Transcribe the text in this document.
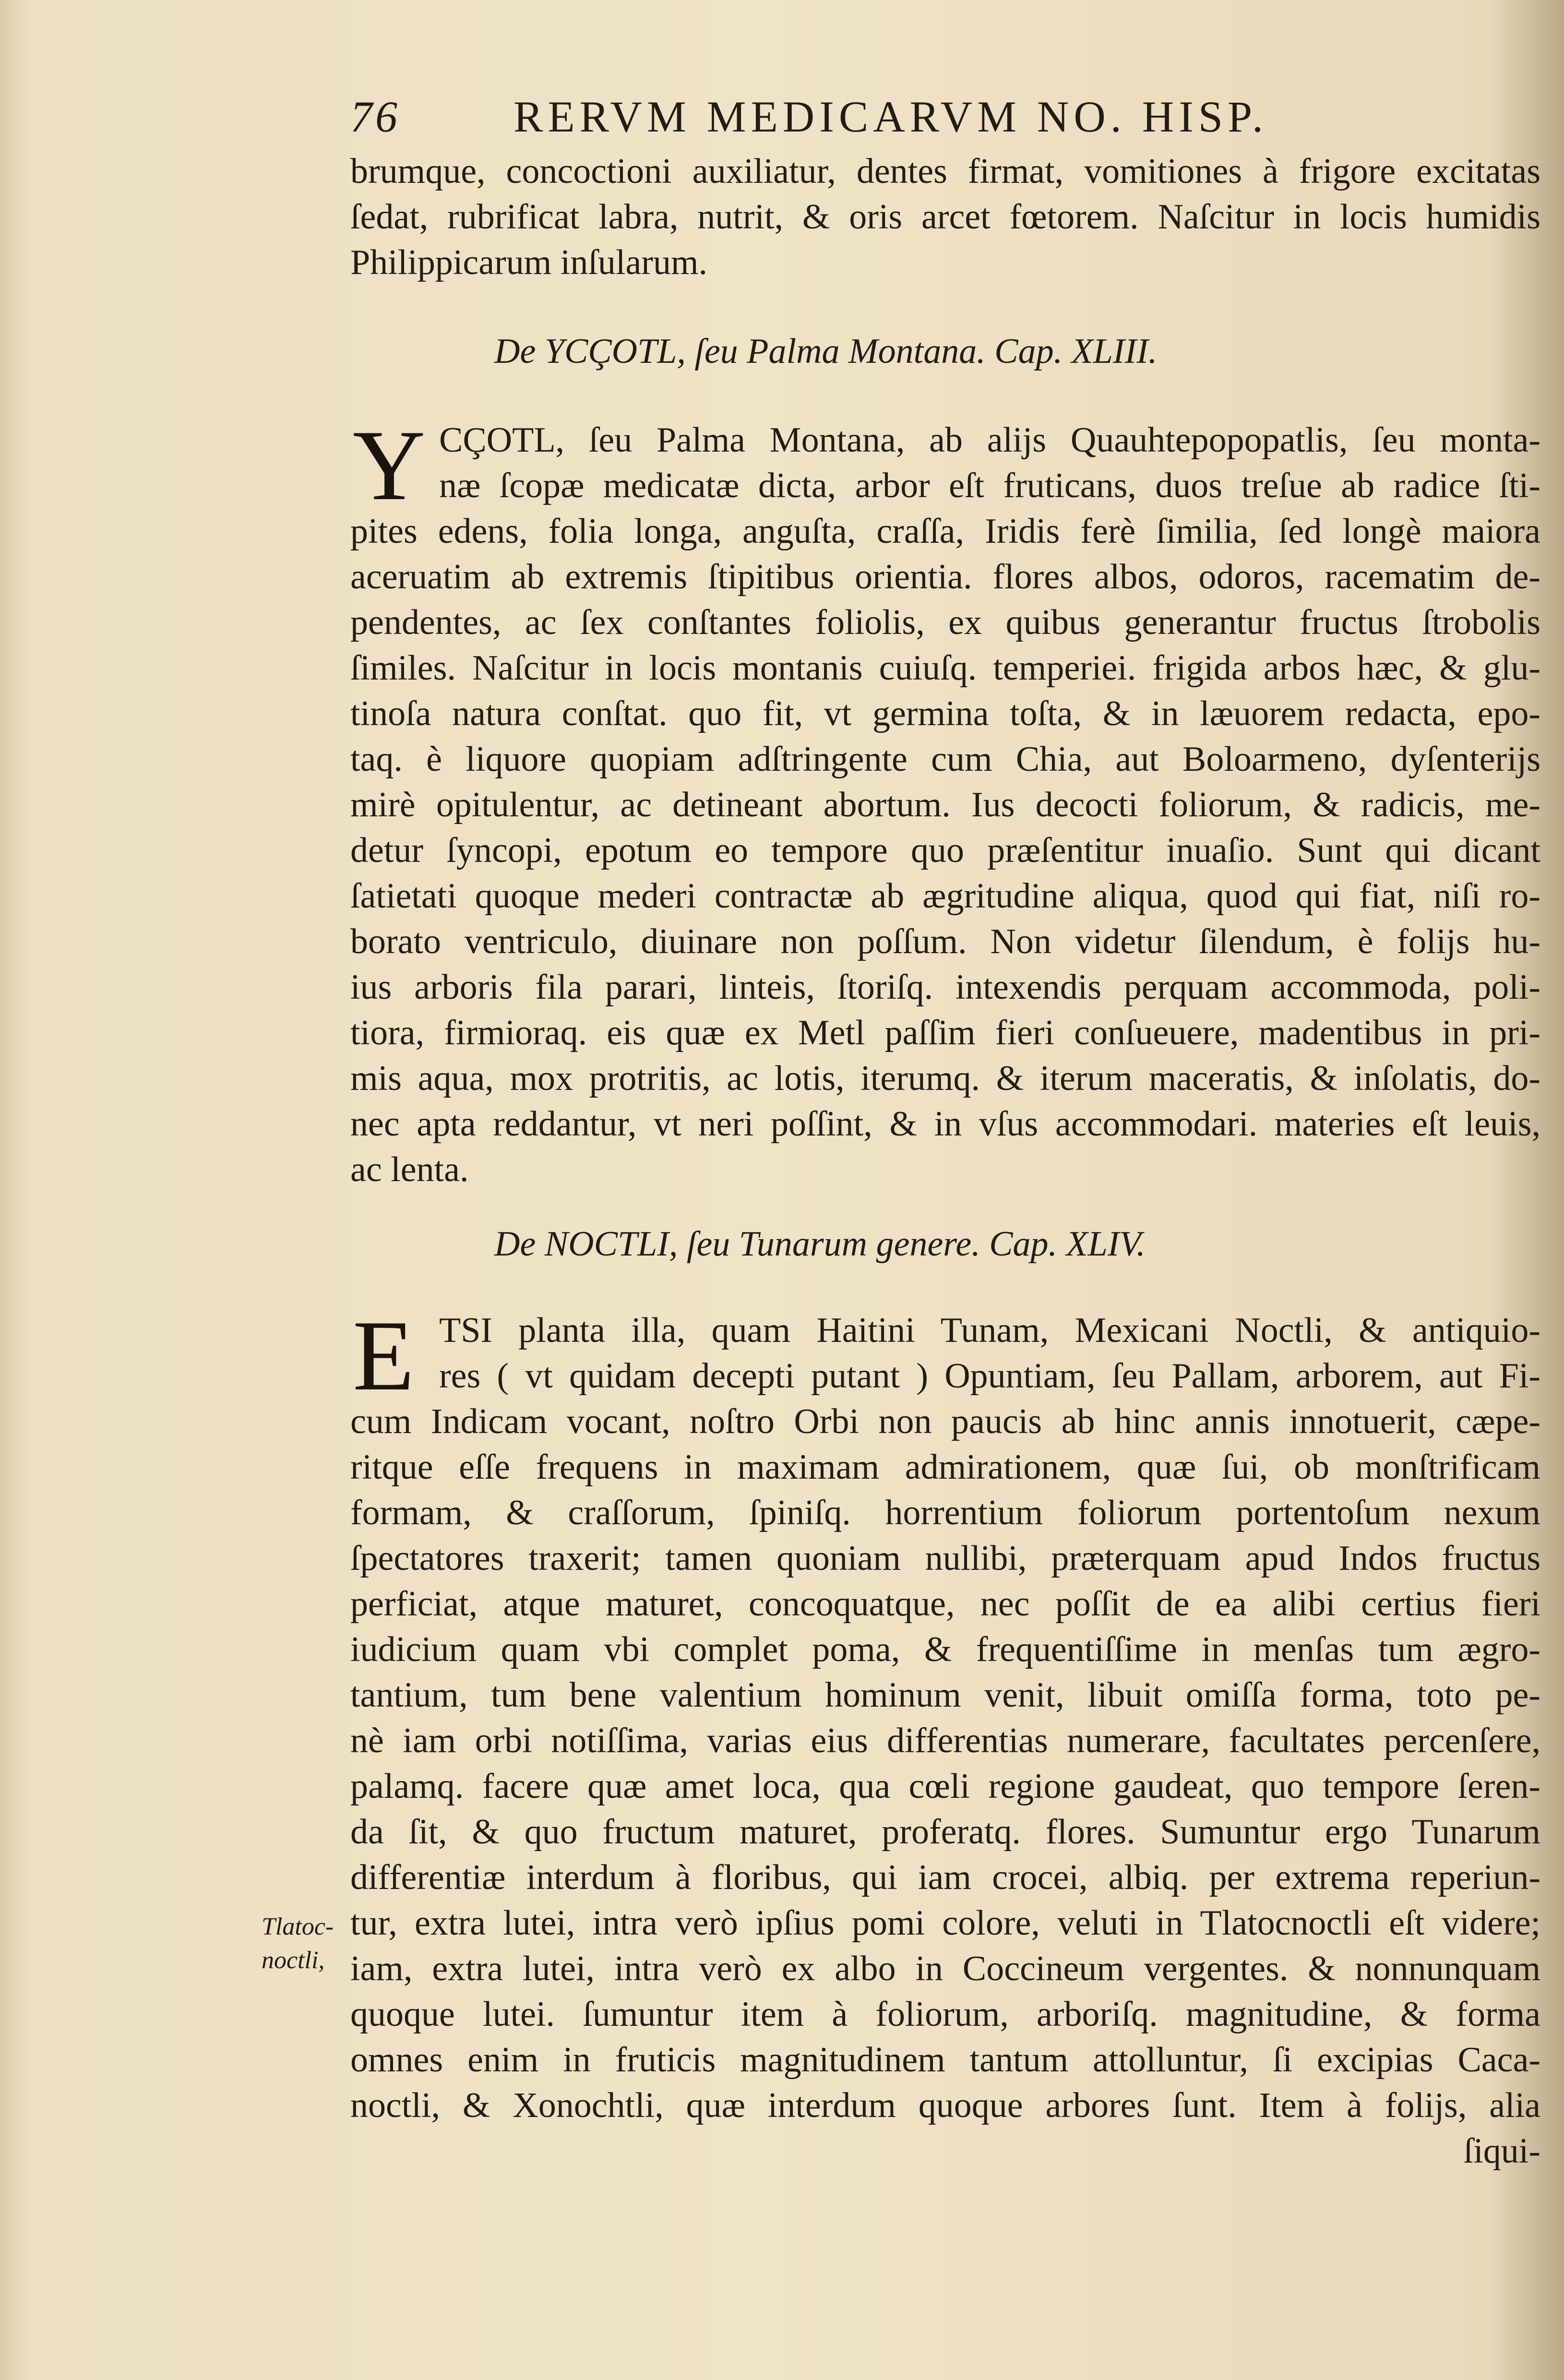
76	RERVM MEDICARVM NO. HISP.
brumque, concoctioni auxiliatur, dentes firmat, vomitiones à frigore excitatas
ſedat, rubrificat labra, nutrit, & oris arcet fœtorem. Naſcitur in locis humidis
Philippicarum inſularum.
De YCÇOTL, ſeu Palma Montana. Cap. XLIII.
Y CÇOTL, ſeu Palma Montana, ab alijs Quauhtepopopatlis, ſeu monta-
næ ſcopæ medicatæ dicta, arbor eſt fruticans, duos treſue ab radice ſti-
pites edens, folia longa, anguſta, craſſa, Iridis ferè ſimilia, ſed longè maiora
aceruatim ab extremis ſtipitibus orientia. flores albos, odoros, racematim de-
pendentes, ac ſex conſtantes foliolis, ex quibus generantur fructus ſtrobolis
ſimiles. Naſcitur in locis montanis cuiuſq. temperiei. frigida arbos hæc, & glu-
tinoſa natura conſtat. quo fit, vt germina toſta, & in læuorem redacta, epo-
taq. è liquore quopiam adſtringente cum Chia, aut Boloarmeno, dyſenterijs
mirè opitulentur, ac detineant abortum. Ius decocti foliorum, & radicis, me-
detur ſyncopi, epotum eo tempore quo præſentitur inuaſio. Sunt qui dicant
ſatietati quoque mederi contractæ ab ægritudine aliqua, quod qui fiat, niſi ro-
borato ventriculo, diuinare non poſſum. Non videtur ſilendum, è folijs hu-
ius arboris fila parari, linteis, ſtoriſq. intexendis perquam accommoda, poli-
tiora, firmioraq. eis quæ ex Metl paſſim fieri conſueuere, madentibus in pri-
mis aqua, mox protritis, ac lotis, iterumq. & iterum maceratis, & inſolatis, do-
nec apta reddantur, vt neri poſſint, & in vſus accommodari. materies eſt leuis,
ac lenta.
De NOCTLI, ſeu Tunarum genere. Cap. XLIV.
E TSI planta illa, quam Haitini Tunam, Mexicani Noctli, & antiquio-
res ( vt quidam decepti putant ) Opuntiam, ſeu Pallam, arborem, aut Fi-
cum Indicam vocant, noſtro Orbi non paucis ab hinc annis innotuerit, cæpe-
ritque eſſe frequens in maximam admirationem, quæ ſui, ob monſtrificam
formam, & craſſorum, ſpiniſq. horrentium foliorum portentoſum nexum
ſpectatores traxerit; tamen quoniam nullibi, præterquam apud Indos fructus
perficiat, atque maturet, concoquatque, nec poſſit de ea alibi certius fieri
iudicium quam vbi complet poma, & frequentiſſime in menſas tum ægro-
tantium, tum bene valentium hominum venit, libuit omiſſa forma, toto pe-
nè iam orbi notiſſima, varias eius differentias numerare, facultates percenſere,
palamq. facere quæ amet loca, qua cœli regione gaudeat, quo tempore ſeren-
da ſit, & quo fructum maturet, proferatq. flores. Sumuntur ergo Tunarum
differentiæ interdum à floribus, qui iam crocei, albiq. per extrema reperiun-
tur, extra lutei, intra verò ipſius pomi colore, veluti in Tlatocnoctli eſt videre;
iam, extra lutei, intra verò ex albo in Coccineum vergentes. & nonnunquam
quoque lutei. ſumuntur item à foliorum, arboriſq. magnitudine, & forma
omnes enim in fruticis magnitudinem tantum attolluntur, ſi excipias Caca-
noctli, & Xonochtli, quæ interdum quoque arbores ſunt. Item à folijs, alia
ſiqui-
Tlatoc-
noctli,
